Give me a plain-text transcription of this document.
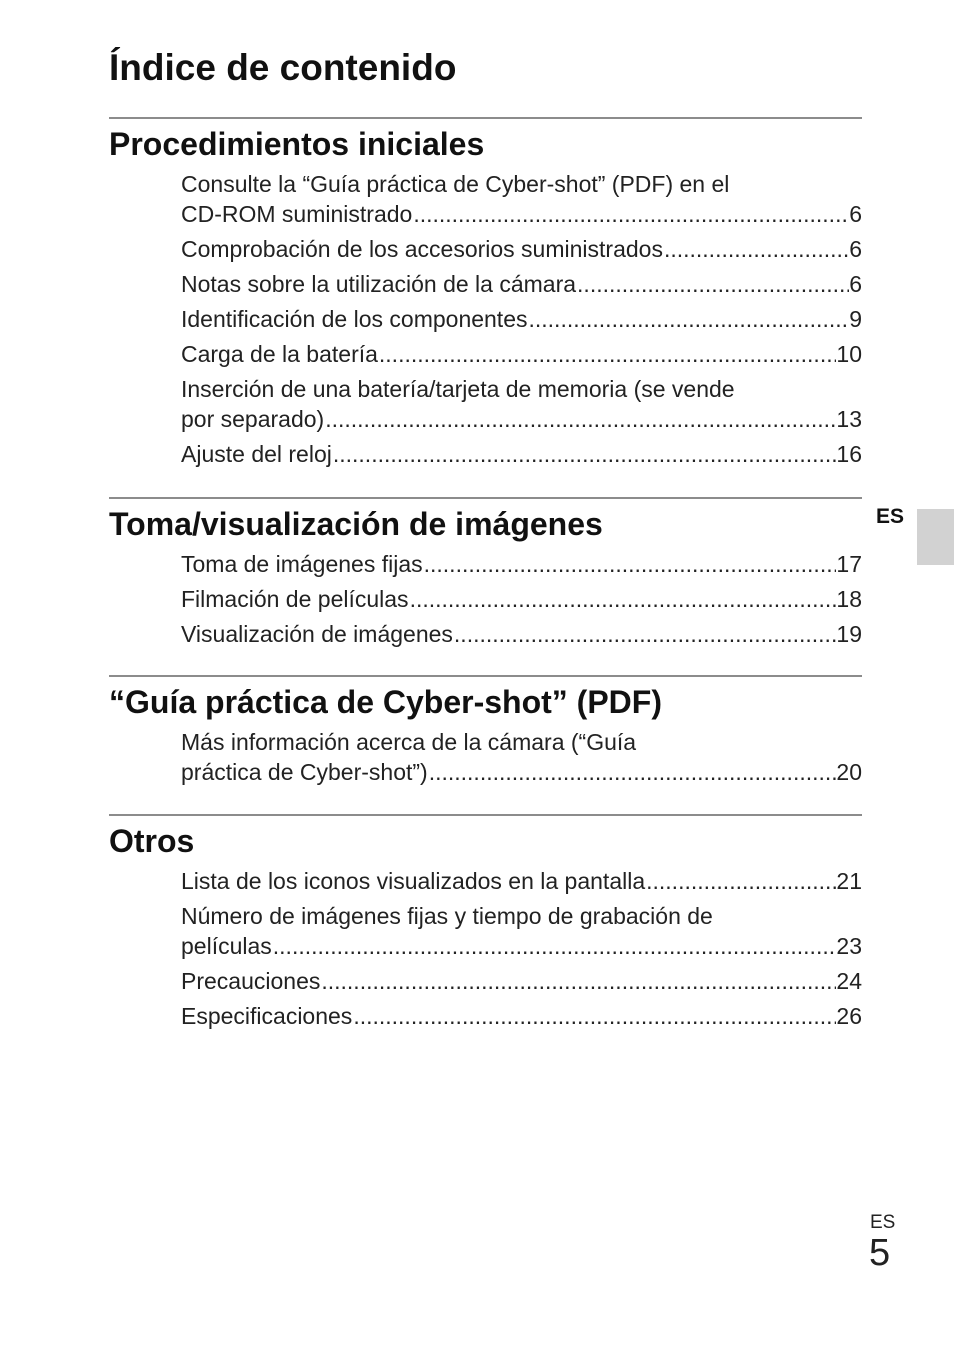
Índice de contenido
Procedimientos iniciales
Consulte la “Guía práctica de Cyber-shot” (PDF) en el
CD-ROM suministrado .....	6
Comprobación de los accesorios suministrados .....	6
Notas sobre la utilización de la cámara .....	6
Identificación de los componentes .....	9
Carga de la batería .....	10
Inserción de una batería/tarjeta de memoria (se vende
por separado) .....	13
Ajuste del reloj .....	16
Toma/visualización de imágenes
Toma de imágenes fijas .....	17
Filmación de películas .....	18
Visualización de imágenes .....	19
“Guía práctica de Cyber-shot” (PDF)
Más información acerca de la cámara (“Guía
práctica de Cyber-shot”) .....	20
Otros
Lista de los iconos visualizados en la pantalla .....	21
Número de imágenes fijas y tiempo de grabación de
películas .....	23
Precauciones .....	24
Especificaciones .....	26
ES
ES
5
